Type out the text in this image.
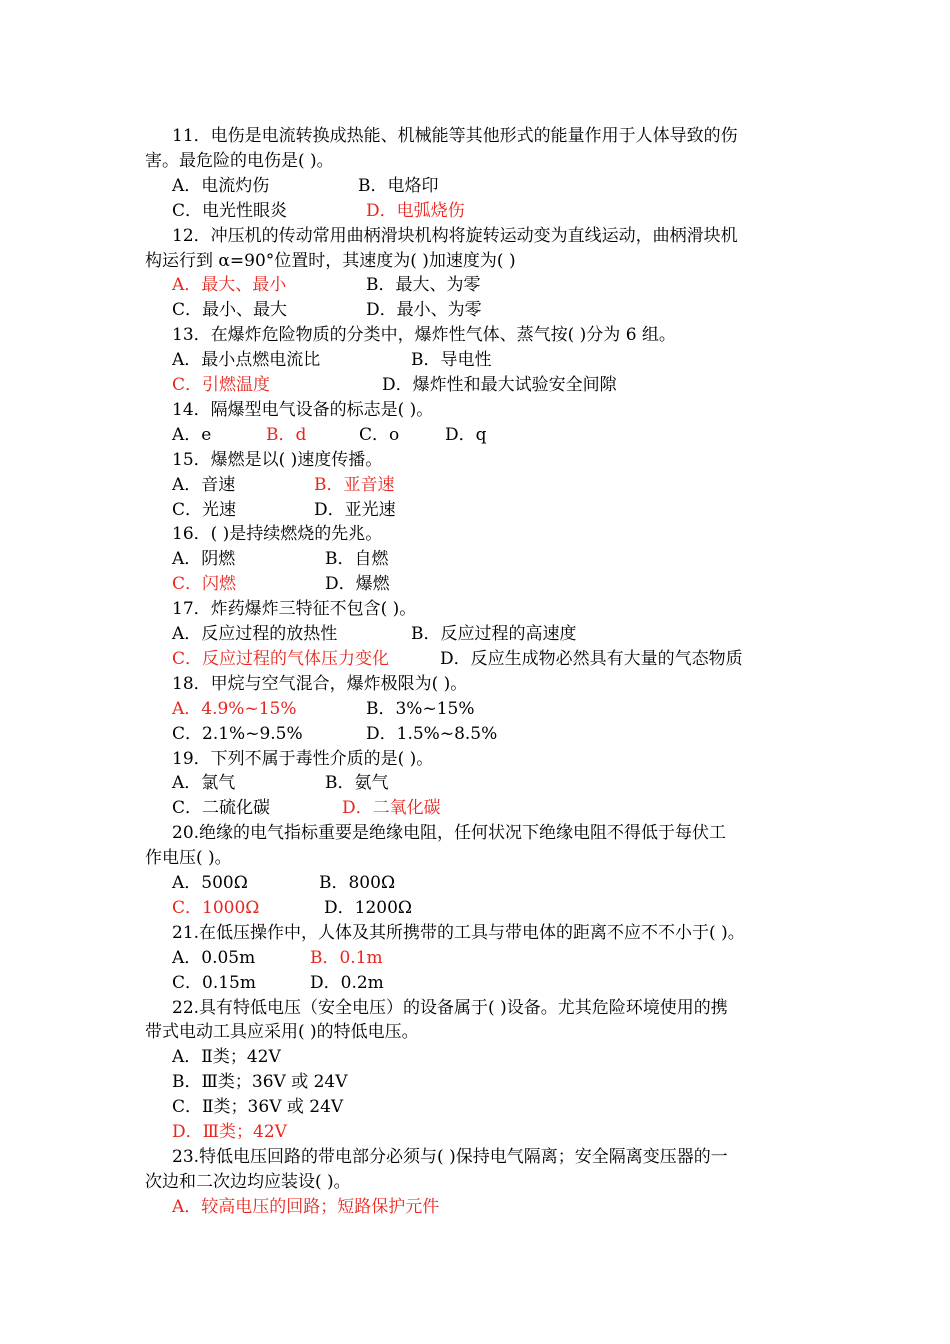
11．电伤是电流转换成热能、机械能等其他形式的能量作用于人体导致的伤
害。最危险的电伤是( )。
A．电流灼伤	B．电烙印
C．电光性眼炎	D．电弧烧伤
12．冲压机的传动常用曲柄滑块机构将旋转运动变为直线运动，曲柄滑块机
构运行到 α=90°位置时，其速度为( )加速度为( )
A．最大、最小	B．最大、为零
C．最小、最大	D．最小、为零
13．在爆炸危险物质的分类中，爆炸性气体、蒸气按( )分为 6 组。
A．最小点燃电流比	B．导电性
C．引燃温度	D．爆炸性和最大试验安全间隙
14．隔爆型电气设备的标志是( )。
A．e	B．d	C．o	D．q
15．爆燃是以( )速度传播。
A．音速	B．亚音速
C．光速	D．亚光速
16．( )是持续燃烧的先兆。
A．阴燃	B．自燃
C．闪燃	D．爆燃
17．炸药爆炸三特征不包含( )。
A．反应过程的放热性	B．反应过程的高速度
C．反应过程的气体压力变化	D．反应生成物必然具有大量的气态物质
18．甲烷与空气混合，爆炸极限为( )。
A．4.9%~15%	B．3%~15%
C．2.1%~9.5%	D．1.5%~8.5%
19．下列不属于毒性介质的是( )。
A．氯气	B．氨气
C．二硫化碳	D．二氧化碳
20.绝缘的电气指标重要是绝缘电阻，任何状况下绝缘电阻不得低于每伏工
作电压( )。
A．500Ω	B．800Ω
C．1000Ω	D．1200Ω
21.在低压操作中，人体及其所携带的工具与带电体的距离不应不不小于( )。
A．0.05m	B．0.1m
C．0.15m	D．0.2m
22.具有特低电压（安全电压）的设备属于( )设备。尤其危险环境使用的携
带式电动工具应采用( )的特低电压。
A．Ⅱ类；42V
B．Ⅲ类；36V 或 24V
C．Ⅱ类；36V 或 24V
D．Ⅲ类；42V
23.特低电压回路的带电部分必须与( )保持电气隔离；安全隔离变压器的一
次边和二次边均应装设( )。
A．较高电压的回路；短路保护元件
